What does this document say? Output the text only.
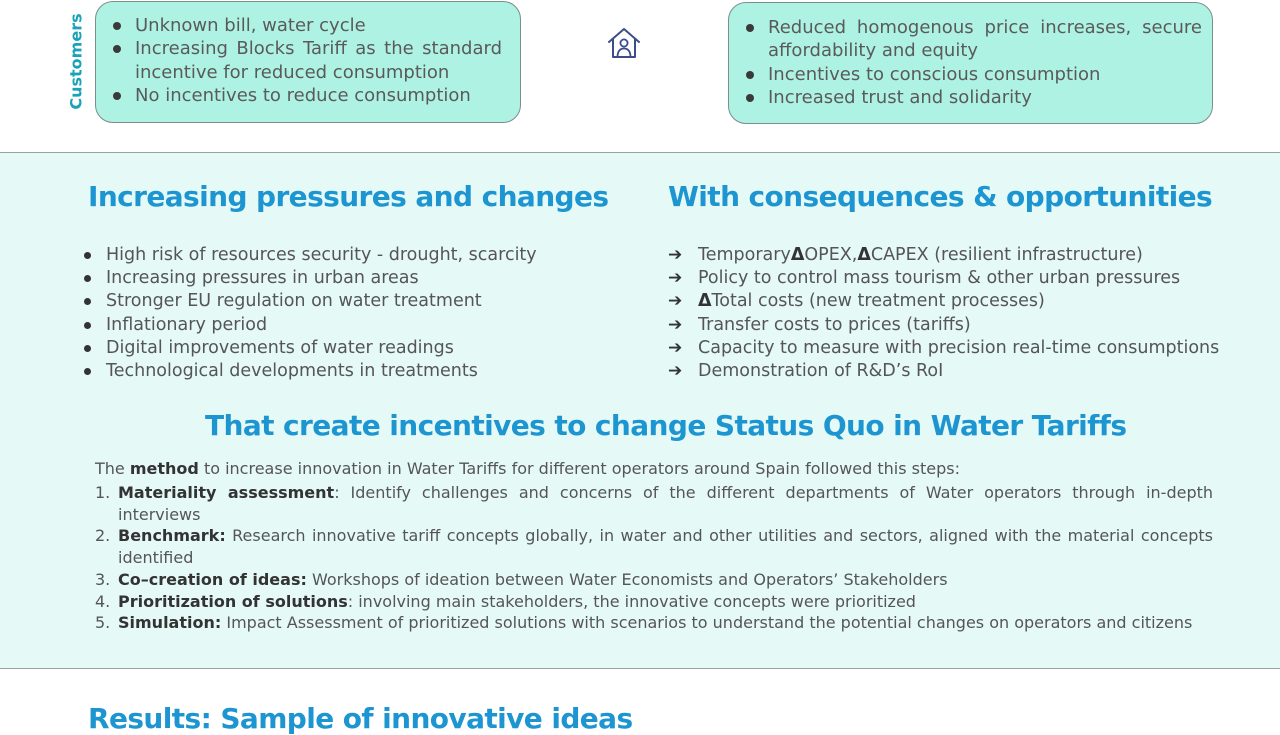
Customers	Unknown bill, water cycle
Increasing Blocks Tariff as the standard incentive for reduced consumption
No incentives to reduce consumption
Reduced homogenous price increases, secure affordability and equity
Incentives to conscious consumption
Increased trust and solidarity
Increasing pressures and changes With consequences & opportunities
High risk of resources security - drought, scarcity
Increasing pressures in urban areas
Stronger EU regulation on water treatment
Inflationary period
Digital improvements of water readings
Technological developments in treatments
➔ Temporary Δ OPEX, Δ CAPEX (resilient infrastructure)
➔ Policy to control mass tourism & other urban pressures
➔ Δ Total costs (new treatment processes)
➔ Transfer costs to prices (tariffs)
➔ Capacity to measure with precision real-time consumptions
➔ Demonstration of R&D’s RoI
That create incentives to change Status Quo in Water Tariffs
The method to increase innovation in Water Tariffs for different operators around Spain followed this steps:
1. Materiality assessment: Identify challenges and concerns of the different departments of Water operators through in-depth interviews
2. Benchmark: Research innovative tariff concepts globally, in water and other utilities and sectors, aligned with the material concepts identified
3. Co–creation of ideas: Workshops of ideation between Water Economists and Operators’ Stakeholders
4. Prioritization of solutions: involving main stakeholders, the innovative concepts were prioritized
5. Simulation: Impact Assessment of prioritized solutions with scenarios to understand the potential changes on operators and citizens
Results: Sample of innovative ideas
